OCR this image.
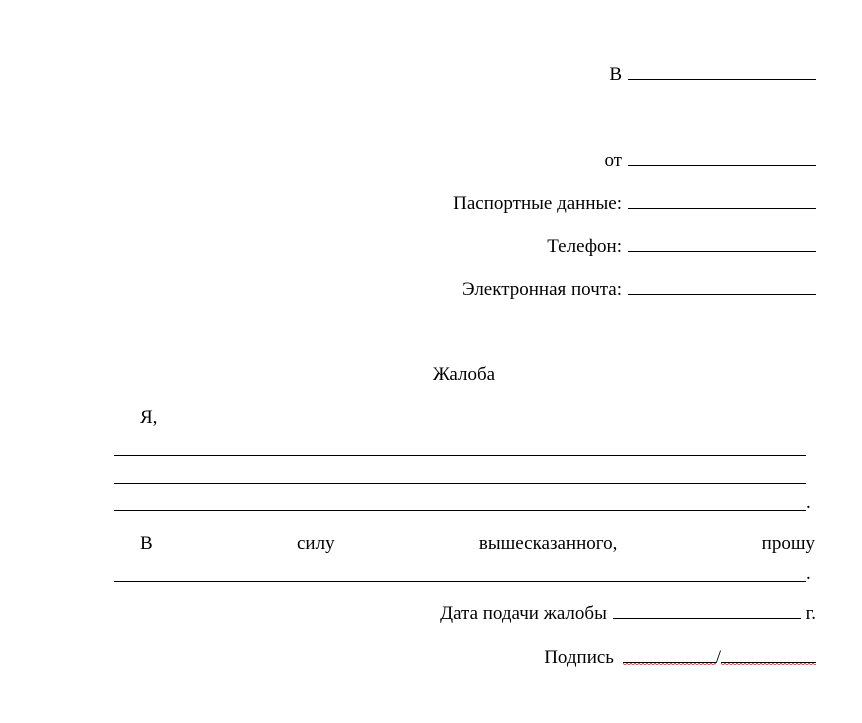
В
от
Паспортные данные:
Телефон:
Электронная почта:
Жалоба
Я,
.
В	силу	вышесказанного,	прошу
.
Дата подачи жалобы	г.
Подпись	/
